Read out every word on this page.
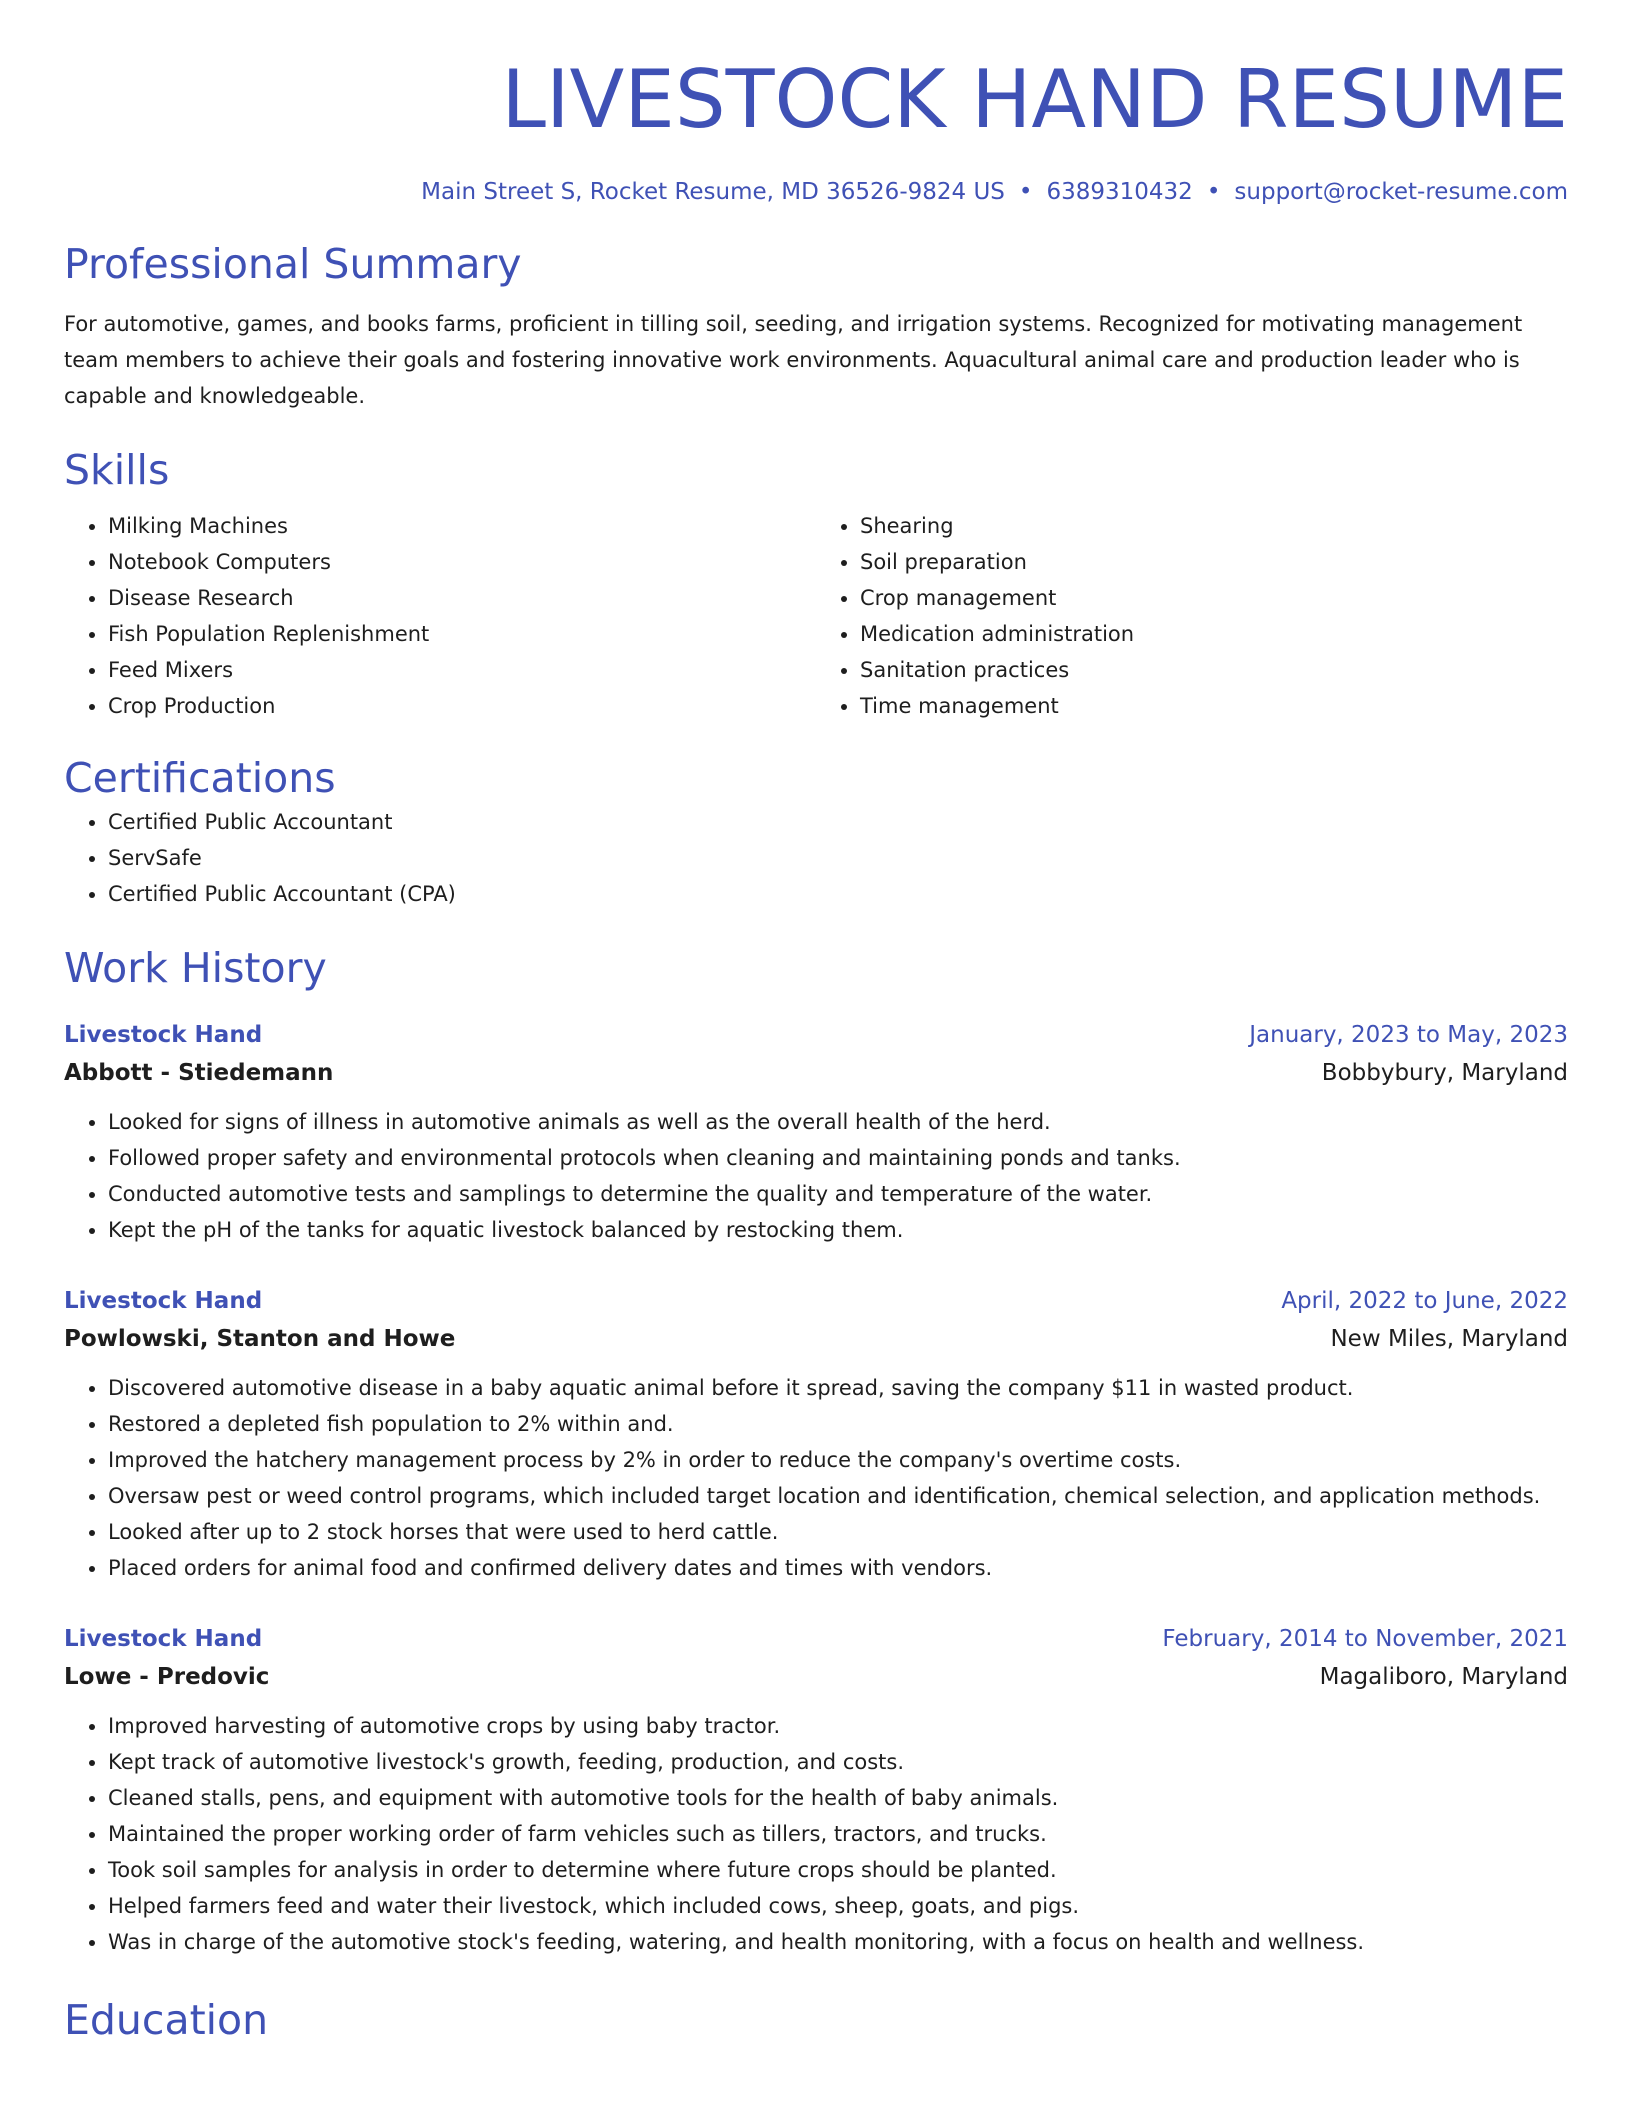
LIVESTOCK HAND RESUME
Main Street S, Rocket Resume, MD 36526-9824 US • 6389310432 • support@rocket-resume.com
Professional Summary
For automotive, games, and books farms, proficient in tilling soil, seeding, and irrigation systems. Recognized for motivating management team members to achieve their goals and fostering innovative work environments. Aquacultural animal care and production leader who is capable and knowledgeable.
Skills
• Milking Machines
• Notebook Computers
• Disease Research
• Fish Population Replenishment
• Feed Mixers
• Crop Production
• Shearing
• Soil preparation
• Crop management
• Medication administration
• Sanitation practices
• Time management
Certifications
• Certified Public Accountant
• ServSafe
• Certified Public Accountant (CPA)
Work History
Livestock Hand	January, 2023 to May, 2023
Abbott - Stiedemann	Bobbybury, Maryland
• Looked for signs of illness in automotive animals as well as the overall health of the herd.
• Followed proper safety and environmental protocols when cleaning and maintaining ponds and tanks.
• Conducted automotive tests and samplings to determine the quality and temperature of the water.
• Kept the pH of the tanks for aquatic livestock balanced by restocking them.
Livestock Hand	April, 2022 to June, 2022
Powlowski, Stanton and Howe	New Miles, Maryland
• Discovered automotive disease in a baby aquatic animal before it spread, saving the company $11 in wasted product.
• Restored a depleted fish population to 2% within and.
• Improved the hatchery management process by 2% in order to reduce the company's overtime costs.
• Oversaw pest or weed control programs, which included target location and identification, chemical selection, and application methods.
• Looked after up to 2 stock horses that were used to herd cattle.
• Placed orders for animal food and confirmed delivery dates and times with vendors.
Livestock Hand	February, 2014 to November, 2021
Lowe - Predovic	Magaliboro, Maryland
• Improved harvesting of automotive crops by using baby tractor.
• Kept track of automotive livestock's growth, feeding, production, and costs.
• Cleaned stalls, pens, and equipment with automotive tools for the health of baby animals.
• Maintained the proper working order of farm vehicles such as tillers, tractors, and trucks.
• Took soil samples for analysis in order to determine where future crops should be planted.
• Helped farmers feed and water their livestock, which included cows, sheep, goats, and pigs.
• Was in charge of the automotive stock's feeding, watering, and health monitoring, with a focus on health and wellness.
Education
